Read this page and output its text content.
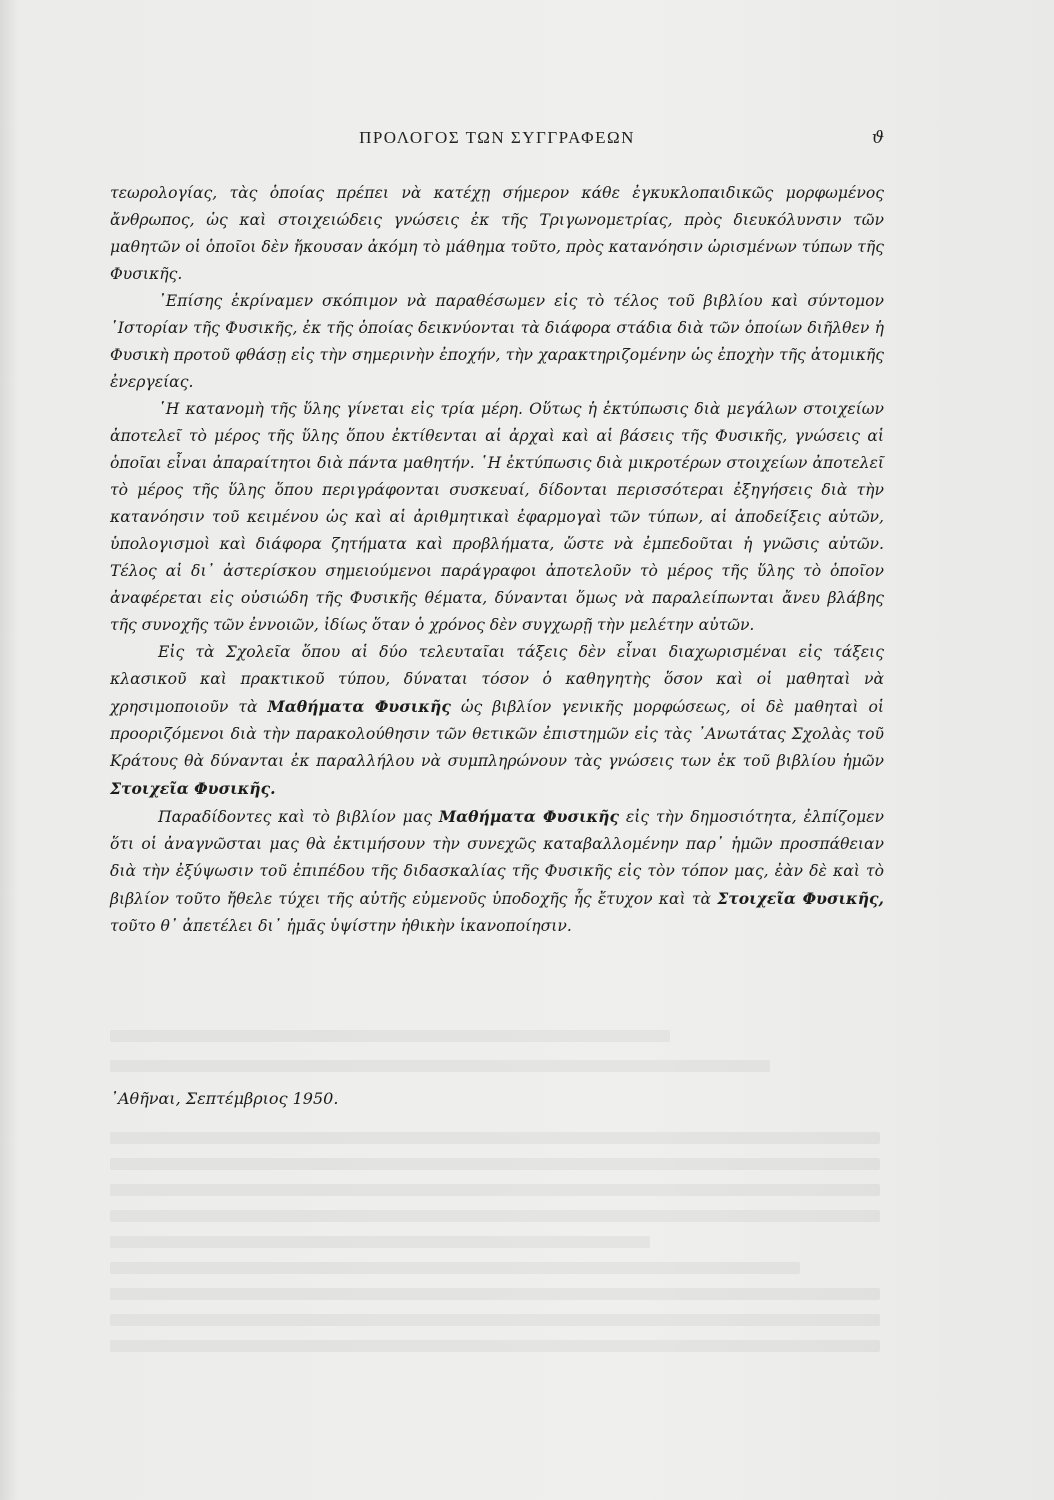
ΠΡΟΛΟΓΟΣ ΤΩΝ ΣΥΓΓΡΑΦΕΩΝ	ϑ

τεωρολογίας, τὰς ὁποίας πρέπει νὰ κατέχῃ σήμερον κάθε ἐγκυκλοπαιδικῶς μορφωμένος ἄνθρωπος, ὡς καὶ στοιχειώδεις γνώσεις ἐκ τῆς Τριγωνομετρίας, πρὸς διευκόλυνσιν τῶν μαθητῶν οἱ ὁποῖοι δὲν ἤκουσαν ἀκόμη τὸ μάθημα τοῦτο, πρὸς κατανόησιν ὡρισμένων τύπων τῆς Φυσικῆς.

᾿Επίσης ἐκρίναμεν σκόπιμον νὰ παραθέσωμεν εἰς τὸ τέλος τοῦ βιβλίου καὶ σύντομον ῾Ιστορίαν τῆς Φυσικῆς, ἐκ τῆς ὁποίας δεικνύονται τὰ διάφορα στάδια διὰ τῶν ὁποίων διῆλθεν ἡ Φυσικὴ προτοῦ φθάσῃ εἰς τὴν σημερινὴν ἐποχήν, τὴν χαρακτηριζομένην ὡς ἐποχὴν τῆς ἀτομικῆς ἐνεργείας.

῾Η κατανομὴ τῆς ὕλης γίνεται εἰς τρία μέρη. Οὕτως ἡ ἐκτύπωσις διὰ μεγάλων στοιχείων ἀποτελεῖ τὸ μέρος τῆς ὕλης ὅπου ἐκτίθενται αἱ ἀρχαὶ καὶ αἱ βάσεις τῆς Φυσικῆς, γνώσεις αἱ ὁποῖαι εἶναι ἀπαραίτητοι διὰ πάντα μαθητήν. ῾Η ἐκτύπωσις διὰ μικροτέρων στοιχείων ἀποτελεῖ τὸ μέρος τῆς ὕλης ὅπου περιγράφονται συσκευαί, δίδονται περισσότεραι ἐξηγήσεις διὰ τὴν κατανόησιν τοῦ κειμένου ὡς καὶ αἱ ἀριθμητικαὶ ἐφαρμογαὶ τῶν τύπων, αἱ ἀποδείξεις αὐτῶν, ὑπολογισμοὶ καὶ διάφορα ζητήματα καὶ προβλήματα, ὥστε νὰ ἐμπεδοῦται ἡ γνῶσις αὐτῶν. Τέλος αἱ δι᾿ ἀστερίσκου σημειούμενοι παράγραφοι ἀποτελοῦν τὸ μέρος τῆς ὕλης τὸ ὁποῖον ἀναφέρεται εἰς οὐσιώδη τῆς Φυσικῆς θέματα, δύνανται ὅμως νὰ παραλείπωνται ἄνευ βλάβης τῆς συνοχῆς τῶν ἐννοιῶν, ἰδίως ὅταν ὁ χρόνος δὲν συγχωρῇ τὴν μελέτην αὐτῶν.

Εἰς τὰ Σχολεῖα ὅπου αἱ δύο τελευταῖαι τάξεις δὲν εἶναι διαχωρισμέναι εἰς τάξεις κλασικοῦ καὶ πρακτικοῦ τύπου, δύναται τόσον ὁ καθηγητὴς ὅσον καὶ οἱ μαθηταὶ νὰ χρησιμοποιοῦν τὰ Μαθήματα Φυσικῆς ὡς βιβλίον γενικῆς μορφώσεως, οἱ δὲ μαθηταὶ οἱ προοριζόμενοι διὰ τὴν παρακολούθησιν τῶν θετικῶν ἐπιστημῶν εἰς τὰς ᾿Ανωτάτας Σχολὰς τοῦ Κράτους θὰ δύνανται ἐκ παραλλήλου νὰ συμπληρώνουν τὰς γνώσεις των ἐκ τοῦ βιβλίου ἡμῶν Στοιχεῖα Φυσικῆς.

Παραδίδοντες καὶ τὸ βιβλίον μας Μαθήματα Φυσικῆς εἰς τὴν δημοσιότητα, ἐλπίζομεν ὅτι οἱ ἀναγνῶσται μας θὰ ἐκτιμήσουν τὴν συνεχῶς καταβαλλομένην παρ᾿ ἡμῶν προσπάθειαν διὰ τὴν ἐξύψωσιν τοῦ ἐπιπέδου τῆς διδασκαλίας τῆς Φυσικῆς εἰς τὸν τόπον μας, ἐὰν δὲ καὶ τὸ βιβλίον τοῦτο ἤθελε τύχει τῆς αὐτῆς εὐμενοῦς ὑποδοχῆς ἧς ἔτυχον καὶ τὰ Στοιχεῖα Φυσικῆς, τοῦτο θ᾿ ἀπετέλει δι᾿ ἡμᾶς ὑψίστην ἠθικὴν ἱκανοποίησιν.

᾿Αθῆναι, Σεπτέμβριος 1950.
